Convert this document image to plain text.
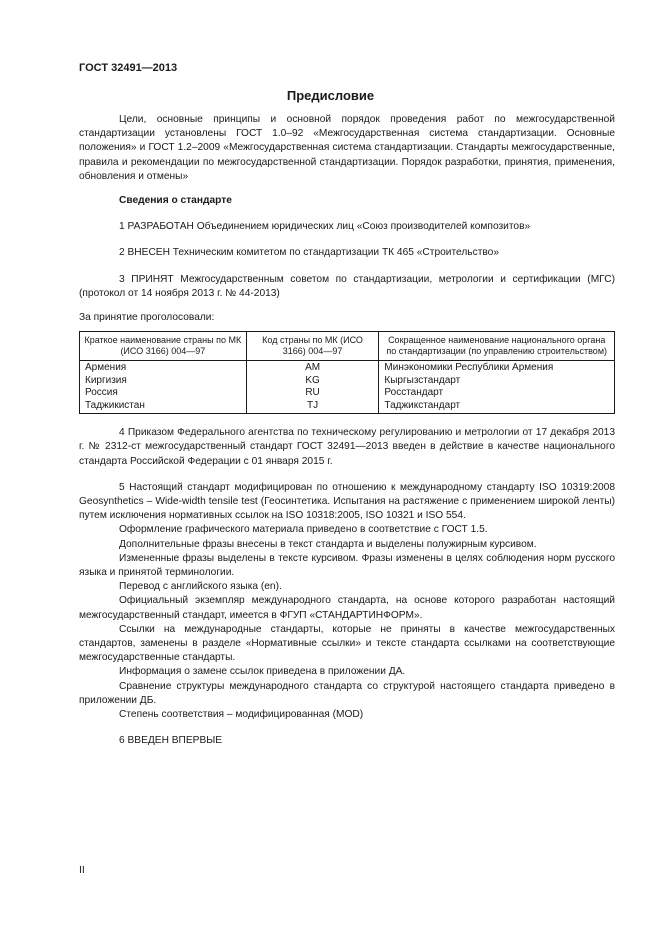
ГОСТ 32491—2013
Предисловие

Цели, основные принципы и основной порядок проведения работ по межгосударственной стандартизации установлены ГОСТ 1.0–92 «Межгосударственная система стандартизации. Основные положения» и ГОСТ 1.2–2009 «Межгосударственная система стандартизации. Стандарты межгосударственные, правила и рекомендации по межгосударственной стандартизации. Порядок разработки, принятия, применения, обновления и отмены»

Сведения о стандарте

1 РАЗРАБОТАН Объединением юридических лиц «Союз производителей композитов»

2 ВНЕСЕН Техническим комитетом по стандартизации ТК 465 «Строительство»

3 ПРИНЯТ Межгосударственным советом по стандартизации, метрологии и сертификации (МГС) (протокол от 14 ноября 2013 г. № 44-2013)

За принятие проголосовали:

Краткое наименование страны по МК (ИСО 3166) 004—97	Код страны по МК (ИСО 3166) 004—97	Сокращенное наименование национального органа по стандартизации (по управлению строительством)
Армения	AM	Минэкономики Республики Армения
Киргизия	KG	Кыргызстандарт
Россия	RU	Росстандарт
Таджикистан	TJ	Таджикстандарт

4 Приказом Федерального агентства по техническому регулированию и метрологии от 17 декабря 2013 г. № 2312-ст межгосударственный стандарт ГОСТ 32491—2013 введен в действие в качестве национального стандарта Российской Федерации с 01 января 2015 г.

5 Настоящий стандарт модифицирован по отношению к международному стандарту ISO 10319:2008 Geosynthetics – Wide-width tensile test (Геосинтетика. Испытания на растяжение с применением широкой ленты) путем исключения нормативных ссылок на ISO 10318:2005, ISO 10321 и ISO 554.

Оформление графического материала приведено в соответствие с ГОСТ 1.5.

Дополнительные фразы внесены в текст стандарта и выделены полужирным курсивом.

Измененные фразы выделены в тексте курсивом. Фразы изменены в целях соблюдения норм русского языка и принятой терминологии.

Перевод с английского языка (en).

Официальный экземпляр международного стандарта, на основе которого разработан настоящий межгосударственный стандарт, имеется в ФГУП «СТАНДАРТИНФОРМ».

Ссылки на международные стандарты, которые не приняты в качестве межгосударственных стандартов, заменены в разделе «Нормативные ссылки» и тексте стандарта ссылками на соответствующие межгосударственные стандарты.

Информация о замене ссылок приведена в приложении ДА.

Сравнение структуры международного стандарта со структурой настоящего стандарта приведено в приложении ДБ.

Степень соответствия – модифицированная (MOD)

6 ВВЕДЕН ВПЕРВЫЕ

II
